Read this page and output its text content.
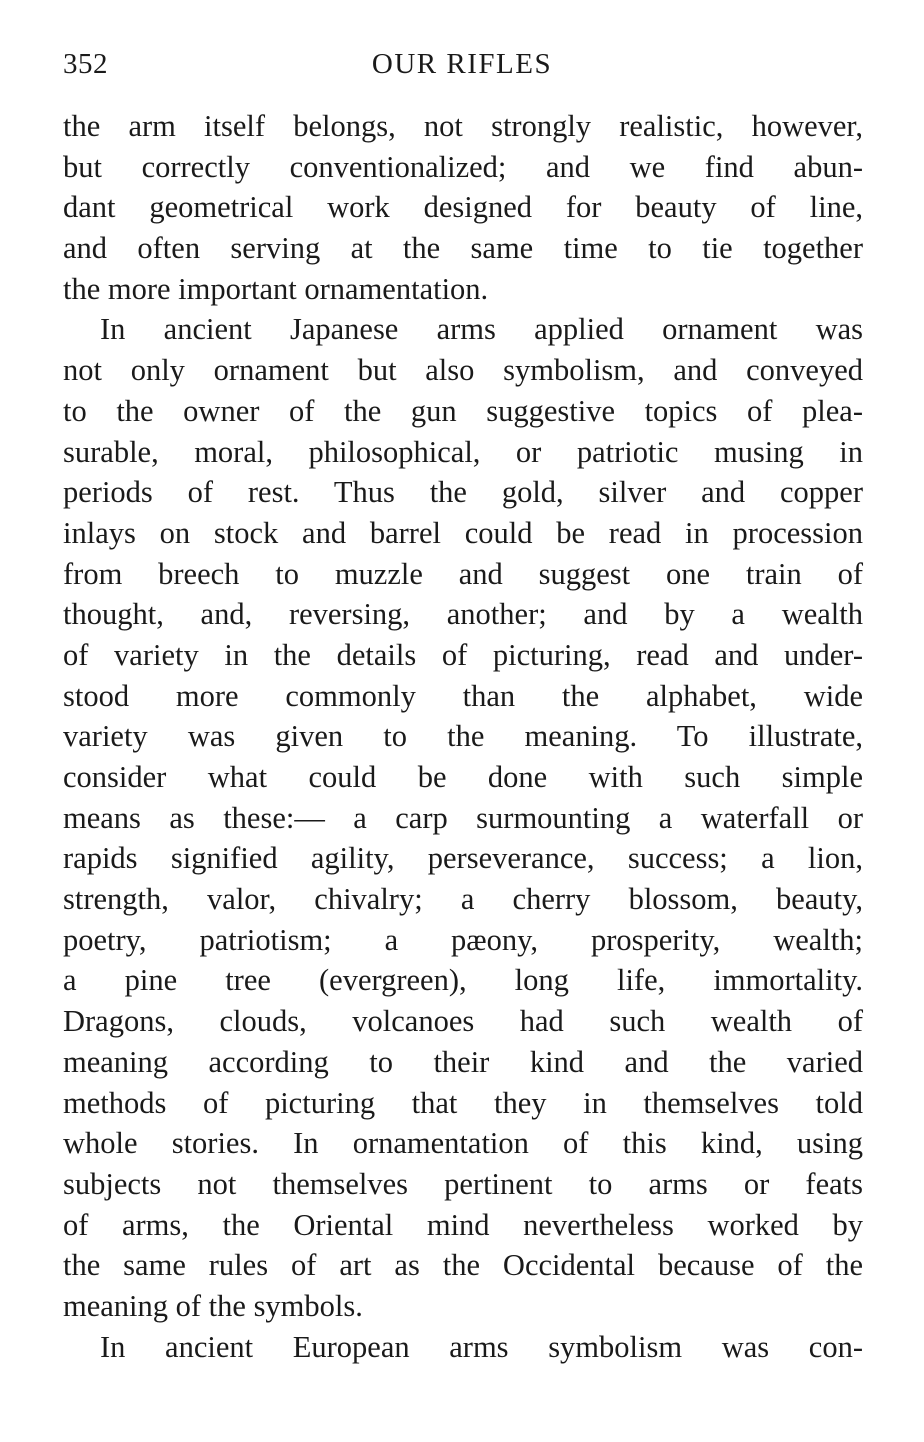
352	OUR RIFLES
the arm itself belongs, not strongly realistic, however,
but correctly conventionalized; and we find abun-
dant geometrical work designed for beauty of line,
and often serving at the same time to tie together
the more important ornamentation.
In ancient Japanese arms applied ornament was
not only ornament but also symbolism, and conveyed
to the owner of the gun suggestive topics of plea-
surable, moral, philosophical, or patriotic musing in
periods of rest. Thus the gold, silver and copper
inlays on stock and barrel could be read in procession
from breech to muzzle and suggest one train of
thought, and, reversing, another; and by a wealth
of variety in the details of picturing, read and under-
stood more commonly than the alphabet, wide
variety was given to the meaning. To illustrate,
consider what could be done with such simple
means as these:— a carp surmounting a waterfall or
rapids signified agility, perseverance, success; a lion,
strength, valor, chivalry; a cherry blossom, beauty,
poetry, patriotism; a pæony, prosperity, wealth;
a pine tree (evergreen), long life, immortality.
Dragons, clouds, volcanoes had such wealth of
meaning according to their kind and the varied
methods of picturing that they in themselves told
whole stories. In ornamentation of this kind, using
subjects not themselves pertinent to arms or feats
of arms, the Oriental mind nevertheless worked by
the same rules of art as the Occidental because of the
meaning of the symbols.
In ancient European arms symbolism was con-
